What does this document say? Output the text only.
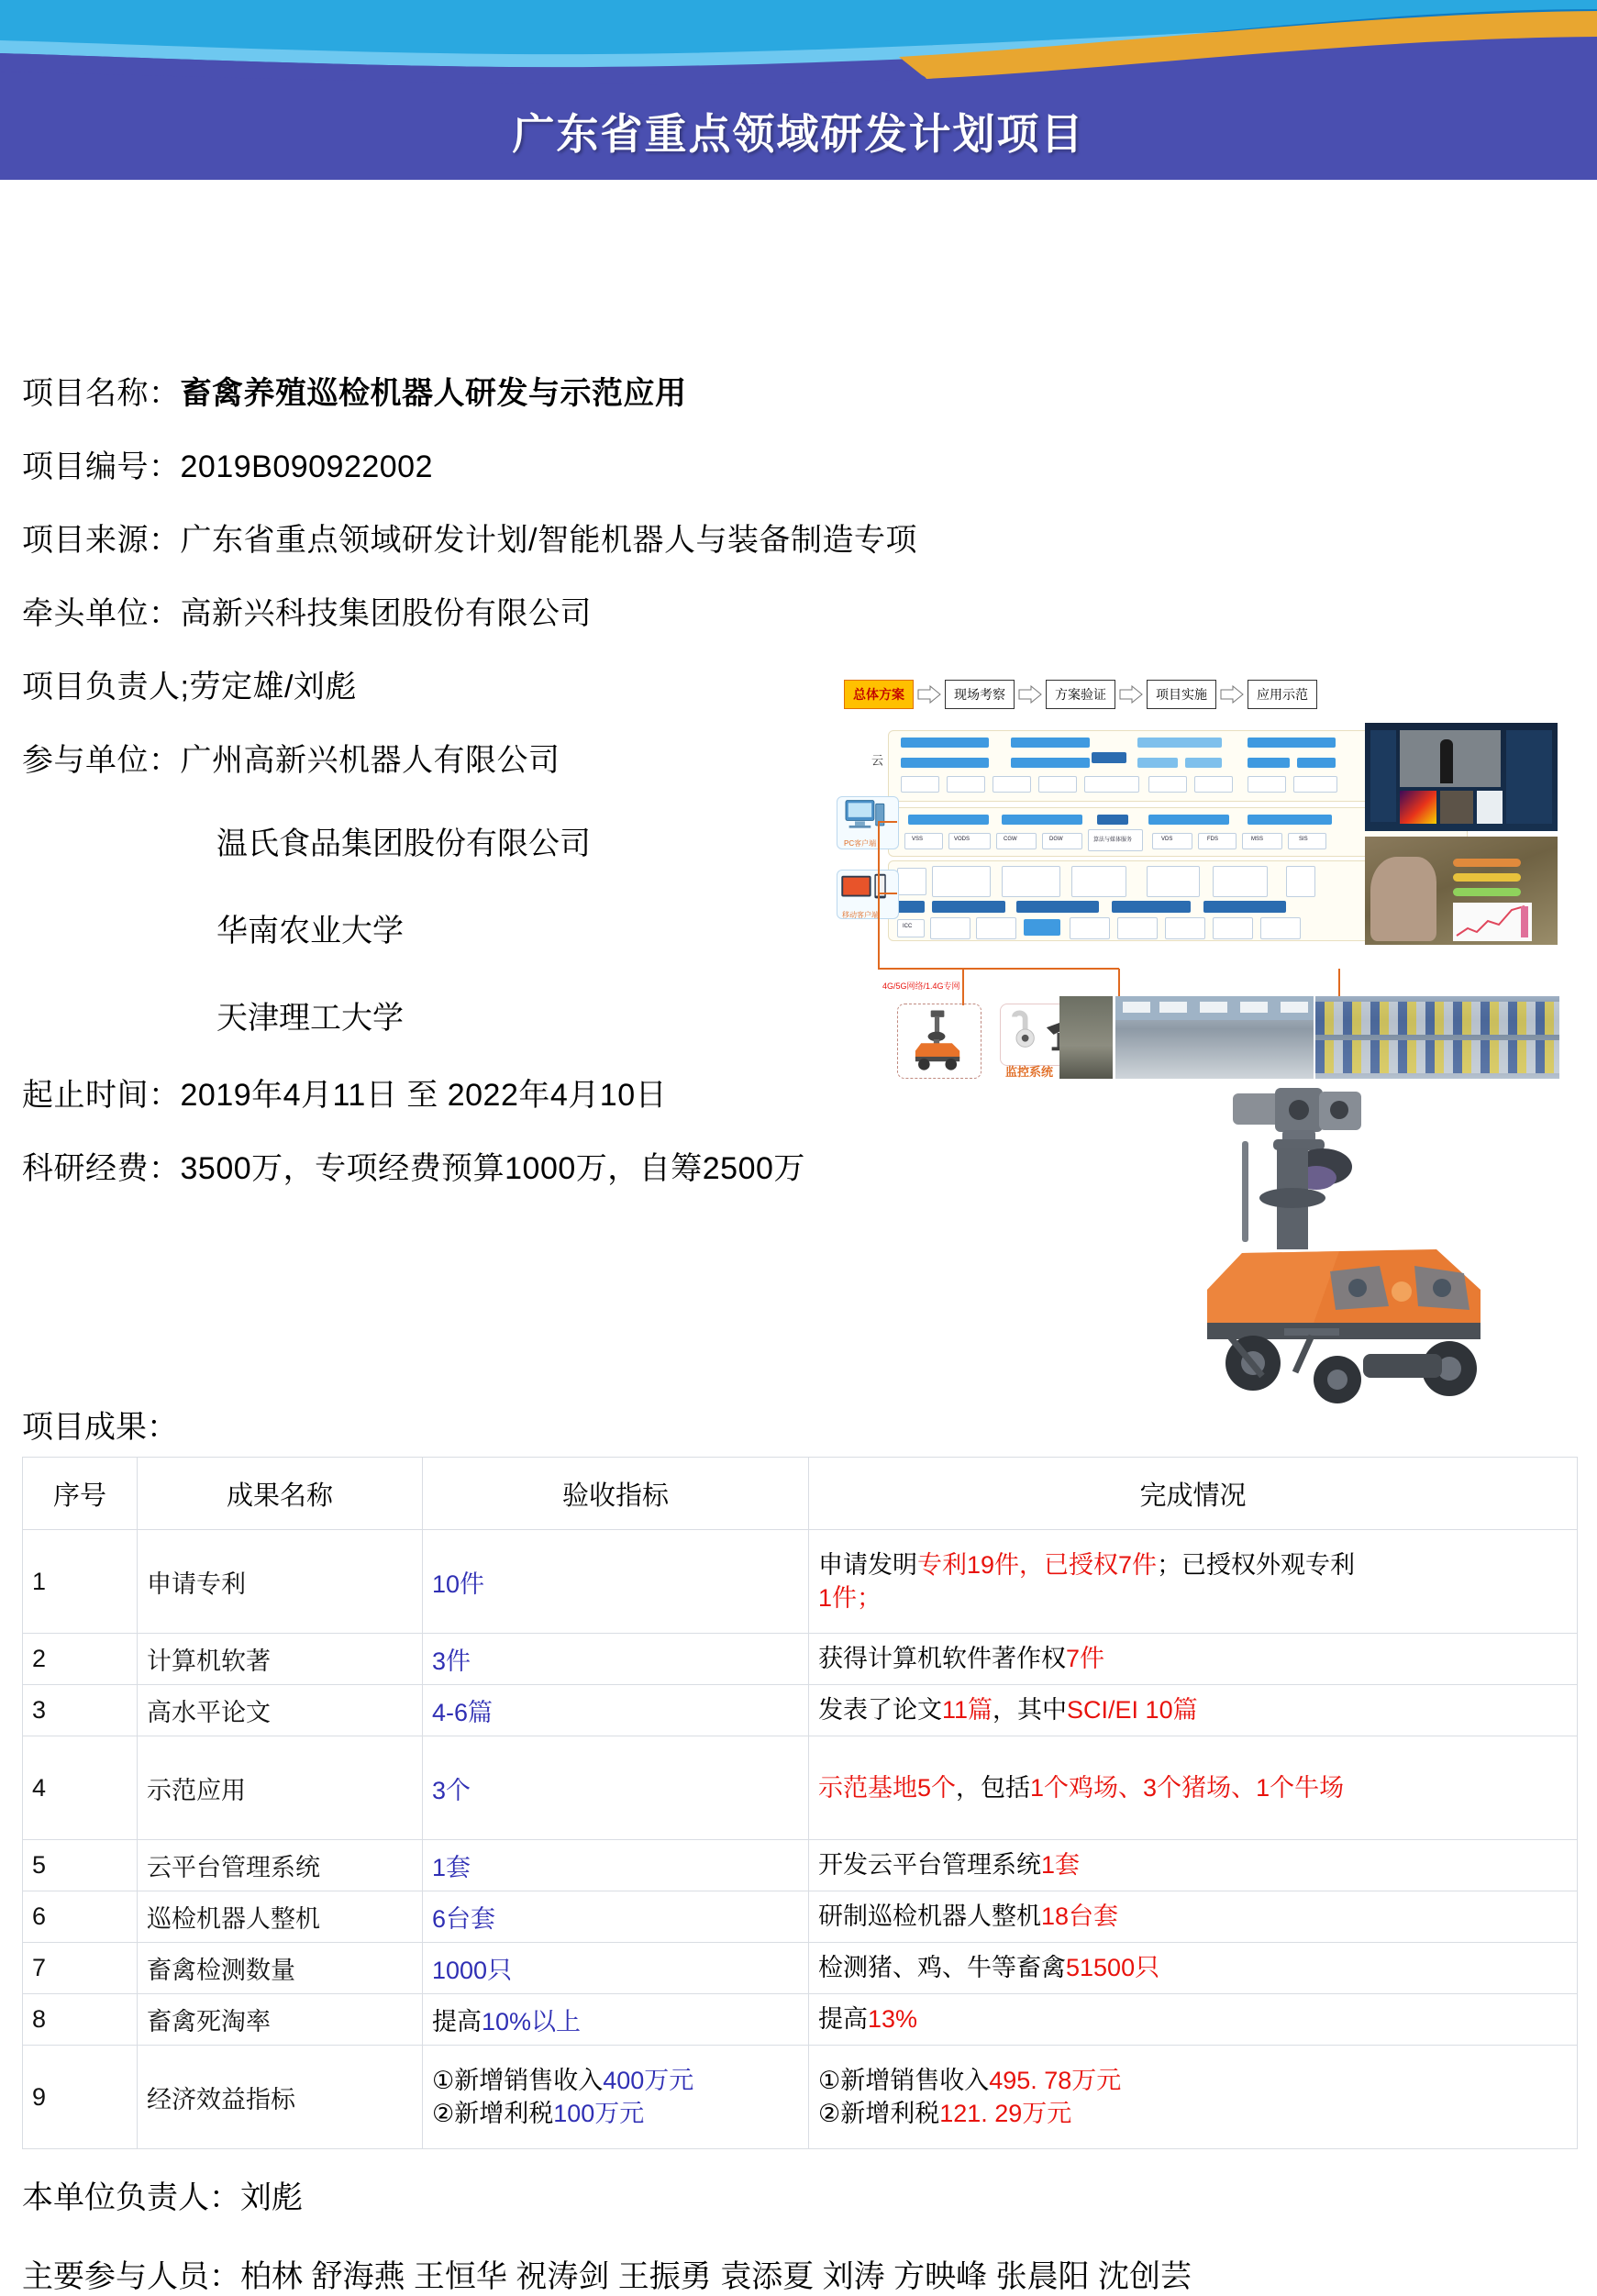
广东省重点领域研发计划项目
项目名称：畜禽养殖巡检机器人研发与示范应用
项目编号：2019B090922002
项目来源：广东省重点领域研发计划/智能机器人与装备制造专项
牵头单位：高新兴科技集团股份有限公司
项目负责人;劳定雄/刘彪
参与单位：广州高新兴机器人有限公司
温氏食品集团股份有限公司
华南农业大学
天津理工大学
起止时间：2019年4月11日 至 2022年4月10日
科研经费：3500万，专项经费预算1000万，自筹2500万
项目成果：
总体方案	现场考察	方案验证	项目实施	应用示范
云
VSS	VODS	CGW	DGW	算法与媒体服务	VDS	FDS	MSS	SIS
ICC
PC客户端
移动客户端
4G/5G网络/1.4G专网
监控系统
序号	成果名称	验收指标	完成情况
1	申请专利	10件	申请发明专利19件，已授权7件；已授权外观专利
1件；

2	计算机软著	3件	获得计算机软件著作权7件

3	高水平论文	4-6篇	发表了论文11篇，其中SCI/EI 10篇

4	示范应用	3个	示范基地5个，包括1个鸡场、3个猪场、1个牛场

5	云平台管理系统	1套	开发云平台管理系统1套

6	巡检机器人整机	6台套	研制巡检机器人整机18台套

7	畜禽检测数量	1000只	检测猪、鸡、牛等畜禽51500只

8	畜禽死淘率	提高10%以上	提高13%

9	经济效益指标	①新增销售收入400万元
②新增利税100万元	①新增销售收入495. 78万元
②新增利税121. 29万元
本单位负责人：刘彪
主要参与人员：柏林 舒海燕 王恒华 祝涛剑 王振勇 袁添夏 刘涛 方映峰 张晨阳 沈创芸
